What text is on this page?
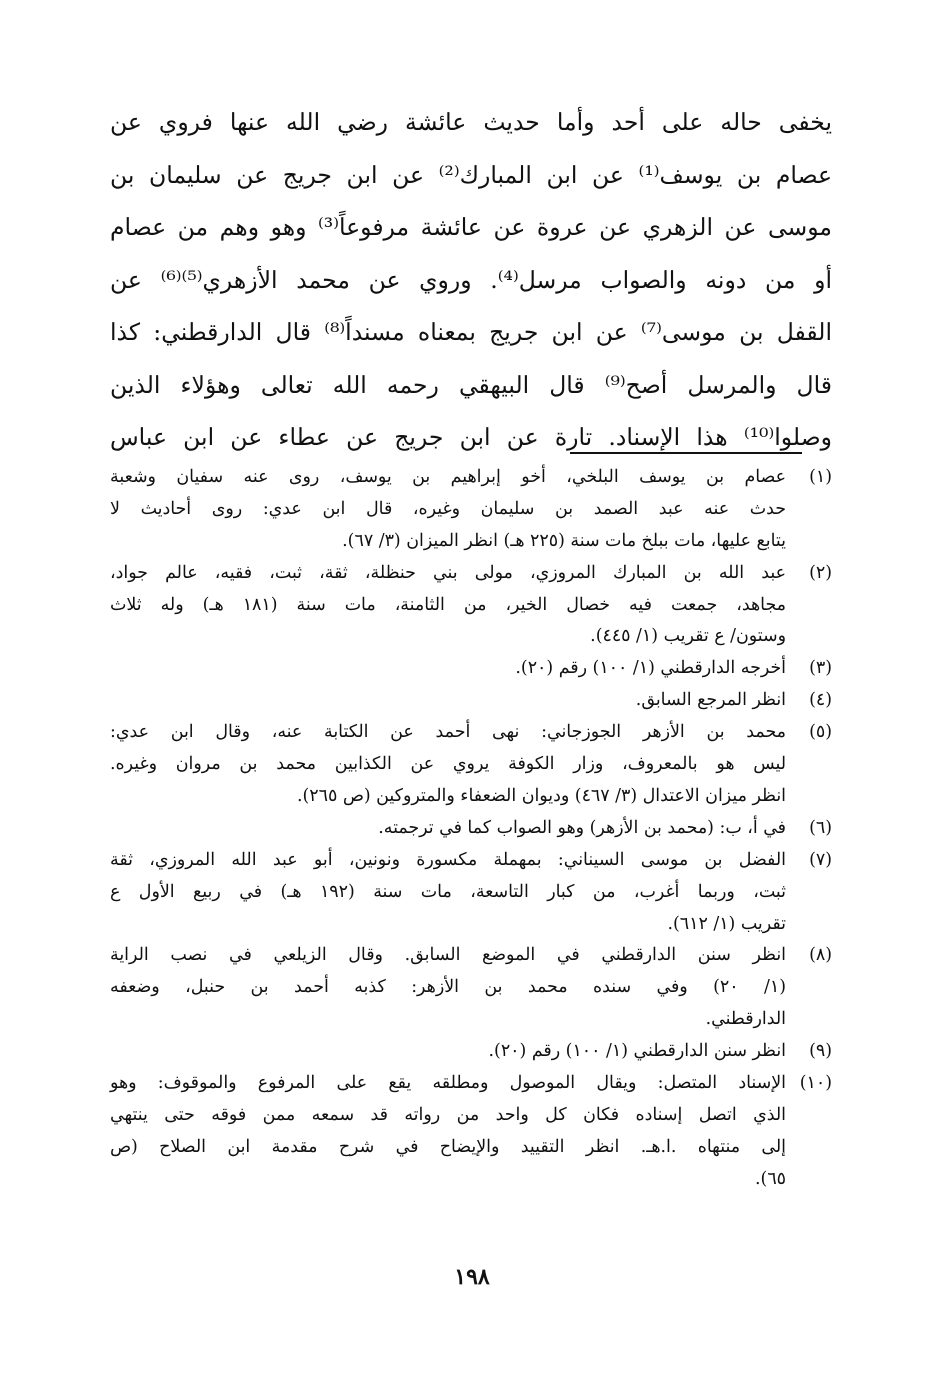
يخفى حاله على أحد وأما حديث عائشة رضي الله عنها فروي عن
عصام بن يوسف⁽¹⁾ عن ابن المبارك⁽²⁾ عن ابن جريج عن سليمان بن
موسى عن الزهري عن عروة عن عائشة مرفوعاً⁽³⁾ وهو وهم من عصام
أو من دونه والصواب مرسل⁽⁴⁾. وروي عن محمد الأزهري⁽⁵⁾⁽⁶⁾ عن
القفل بن موسى⁽⁷⁾ عن ابن جريج بمعناه مسنداً⁽⁸⁾ قال الدارقطني: كذا
قال والمرسل أصح⁽⁹⁾ قال البيهقي رحمه الله تعالى وهؤلاء الذين
وصلوا⁽¹⁰⁾ هذا الإسناد. تارة عن ابن جريج عن عطاء عن ابن عباس
(١)
عصام بن يوسف البلخي، أخو إبراهيم بن يوسف، روى عنه سفيان وشعبة
حدث عنه عبد الصمد بن سليمان وغيره، قال ابن عدي: روى أحاديث لا
يتابع عليها، مات ببلخ مات سنة (٢٢٥ هـ) انظر الميزان (٣/ ٦٧).
(٢)
عبد الله بن المبارك المروزي، مولى بني حنظلة، ثقة، ثبت، فقيه، عالم جواد،
مجاهد، جمعت فيه خصال الخير، من الثامنة، مات سنة (١٨١ هـ) وله ثلاث
وستون/ ع تقريب (١/ ٤٤٥).
(٣)
أخرجه الدارقطني (١/ ١٠٠) رقم (٢٠).
(٤)
انظر المرجع السابق.
(٥)
محمد بن الأزهر الجوزجاني: نهى أحمد عن الكتابة عنه، وقال ابن عدي:
ليس هو بالمعروف، وزار الكوفة يروي عن الكذابين محمد بن مروان وغيره.
انظر ميزان الاعتدال (٣/ ٤٦٧) وديوان الضعفاء والمتروكين (ص ٢٦٥).
(٦)
في أ، ب: (محمد بن الأزهر) وهو الصواب كما في ترجمته.
(٧)
الفضل بن موسى السيناني: بمهملة مكسورة ونونين، أبو عبد الله المروزي، ثقة
ثبت، وربما أغرب، من كبار التاسعة، مات سنة (١٩٢ هـ) في ربيع الأول ع
تقريب (١/ ٦١٢).
(٨)
انظر سنن الدارقطني في الموضع السابق. وقال الزيلعي في نصب الراية
(١/ ٢٠) وفي سنده محمد بن الأزهر: كذبه أحمد بن حنبل، وضعفه
الدارقطني.
(٩)
انظر سنن الدارقطني (١/ ١٠٠) رقم (٢٠).
(١٠)
الإسناد المتصل: ويقال الموصول ومطلقه يقع على المرفوع والموقوف: وهو
الذي اتصل إسناده فكان كل واحد من رواته قد سمعه ممن فوقه حتى ينتهي
إلى منتهاه .ا.هـ. انظر التقييد والإيضاح في شرح مقدمة ابن الصلاح (ص
٦٥).
١٩٨
